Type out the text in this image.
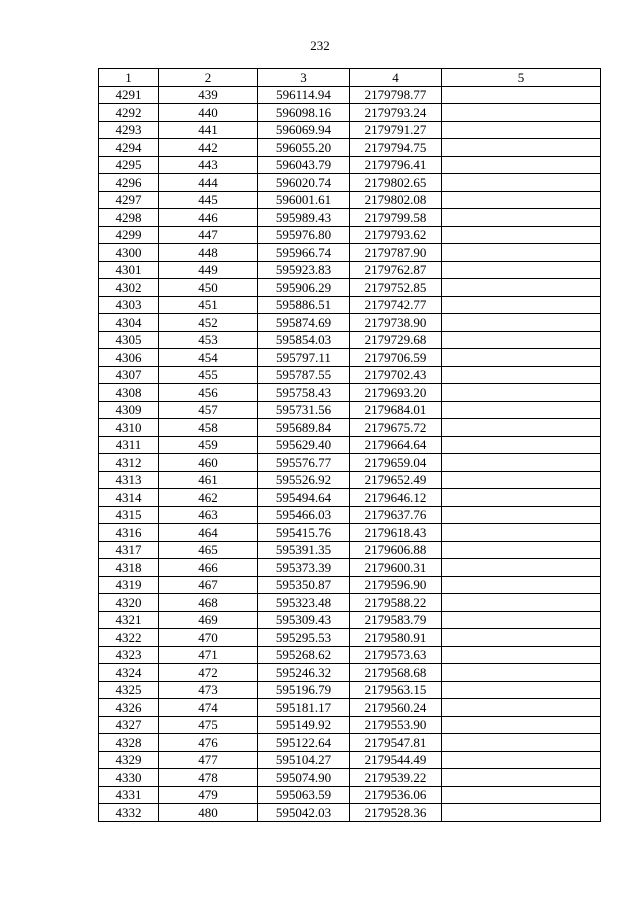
232
1	2	3	4	5
4291	439	596114.94	2179798.77	
4292	440	596098.16	2179793.24	
4293	441	596069.94	2179791.27	
4294	442	596055.20	2179794.75	
4295	443	596043.79	2179796.41	
4296	444	596020.74	2179802.65	
4297	445	596001.61	2179802.08	
4298	446	595989.43	2179799.58	
4299	447	595976.80	2179793.62	
4300	448	595966.74	2179787.90	
4301	449	595923.83	2179762.87	
4302	450	595906.29	2179752.85	
4303	451	595886.51	2179742.77	
4304	452	595874.69	2179738.90	
4305	453	595854.03	2179729.68	
4306	454	595797.11	2179706.59	
4307	455	595787.55	2179702.43	
4308	456	595758.43	2179693.20	
4309	457	595731.56	2179684.01	
4310	458	595689.84	2179675.72	
4311	459	595629.40	2179664.64	
4312	460	595576.77	2179659.04	
4313	461	595526.92	2179652.49	
4314	462	595494.64	2179646.12	
4315	463	595466.03	2179637.76	
4316	464	595415.76	2179618.43	
4317	465	595391.35	2179606.88	
4318	466	595373.39	2179600.31	
4319	467	595350.87	2179596.90	
4320	468	595323.48	2179588.22	
4321	469	595309.43	2179583.79	
4322	470	595295.53	2179580.91	
4323	471	595268.62	2179573.63	
4324	472	595246.32	2179568.68	
4325	473	595196.79	2179563.15	
4326	474	595181.17	2179560.24	
4327	475	595149.92	2179553.90	
4328	476	595122.64	2179547.81	
4329	477	595104.27	2179544.49	
4330	478	595074.90	2179539.22	
4331	479	595063.59	2179536.06	
4332	480	595042.03	2179528.36	
